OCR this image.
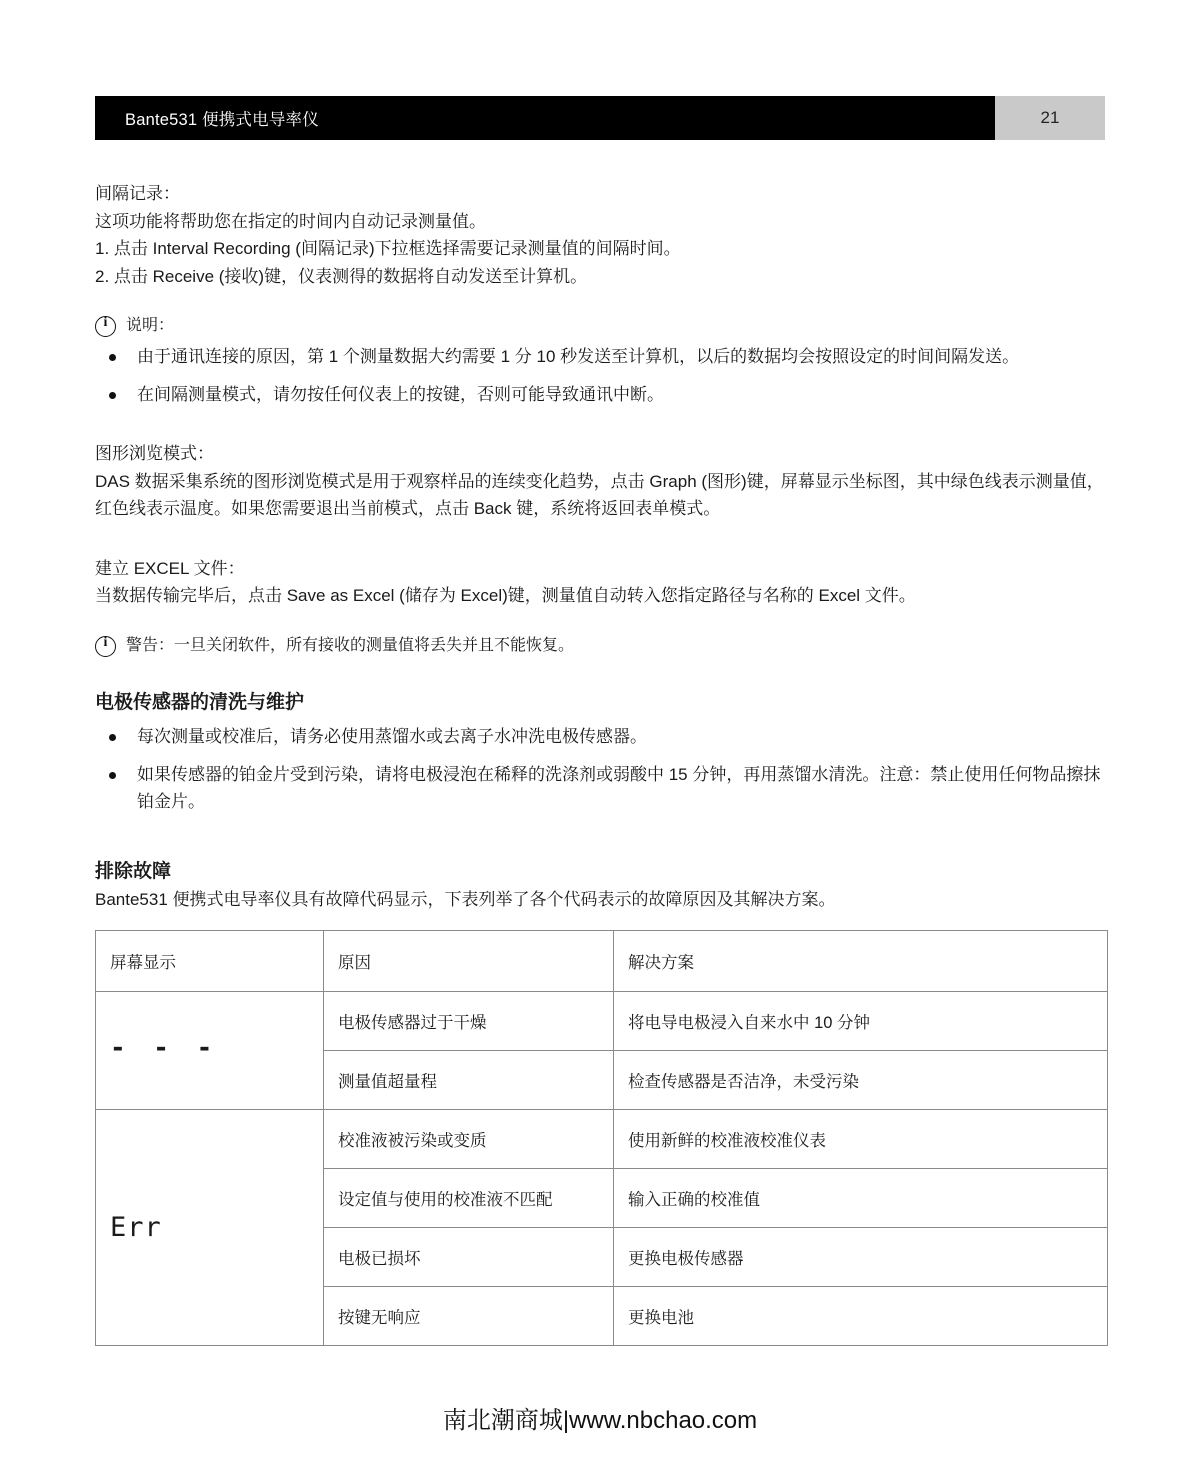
Bante531 便携式电导率仪	21
间隔记录：
这项功能将帮助您在指定的时间内自动记录测量值。
1. 点击 Interval Recording (间隔记录)下拉框选择需要记录测量值的间隔时间。
2. 点击 Receive (接收)键，仪表测得的数据将自动发送至计算机。
i
说明：
由于通讯连接的原因，第 1 个测量数据大约需要 1 分 10 秒发送至计算机，以后的数据均会按照设定的时间间隔发送。
在间隔测量模式，请勿按任何仪表上的按键，否则可能导致通讯中断。
图形浏览模式：
DAS 数据采集系统的图形浏览模式是用于观察样品的连续变化趋势，点击 Graph (图形)键，屏幕显示坐标图，其中绿色线表示测量值，
红色线表示温度。如果您需要退出当前模式，点击 Back 键，系统将返回表单模式。
建立 EXCEL 文件：
当数据传输完毕后，点击 Save as Excel (储存为 Excel)键，测量值自动转入您指定路径与名称的 Excel 文件。
i
警告：一旦关闭软件，所有接收的测量值将丢失并且不能恢复。
电极传感器的清洗与维护
每次测量或校准后，请务必使用蒸馏水或去离子水冲洗电极传感器。
如果传感器的铂金片受到污染，请将电极浸泡在稀释的洗涤剂或弱酸中 15 分钟，再用蒸馏水清洗。注意：禁止使用任何物品擦抹铂金片。
排除故障
Bante531 便携式电导率仪具有故障代码显示，下表列举了各个代码表示的故障原因及其解决方案。
屏幕显示	原因	解决方案
- - -	电极传感器过于干燥	将电导电极浸入自来水中 10 分钟
	测量值超量程	检查传感器是否洁净，未受污染
Err	校准液被污染或变质	使用新鲜的校准液校准仪表
	设定值与使用的校准液不匹配	输入正确的校准值
	电极已损坏	更换电极传感器
	按键无响应	更换电池
南北潮商城|www.nbchao.com
